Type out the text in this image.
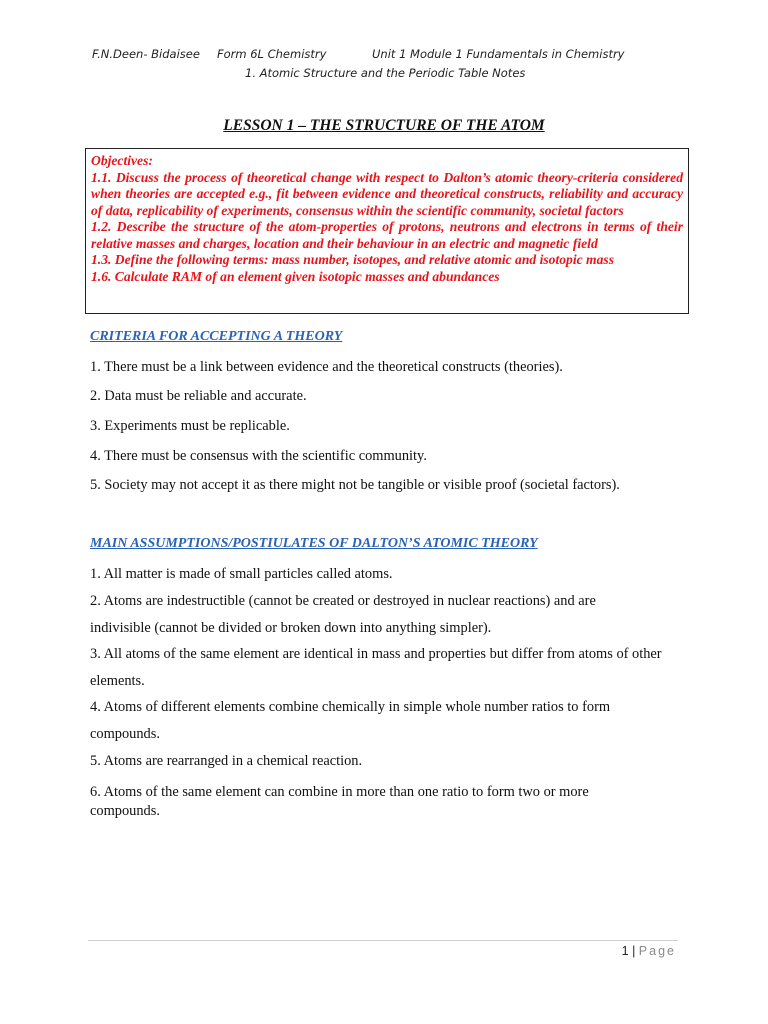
F.N.Deen- Bidaisee Form 6L Chemistry	Unit 1 Module 1 Fundamentals in Chemistry
1. Atomic Structure and the Periodic Table Notes
LESSON 1 – THE STRUCTURE OF THE ATOM

Objectives:

1.1. Discuss the process of theoretical change with respect to Dalton’s atomic theory-criteria considered when theories are accepted e.g., fit between evidence and theoretical constructs, reliability and accuracy of data, replicability of experiments, consensus within the scientific community, societal factors

1.2. Describe the structure of the atom-properties of protons, neutrons and electrons in terms of their relative masses and charges, location and their behaviour in an electric and magnetic field

1.3. Define the following terms: mass number, isotopes, and relative atomic and isotopic mass

1.6. Calculate RAM of an element given isotopic masses and abundances

CRITERIA FOR ACCEPTING A THEORY
1. There must be a link between evidence and the theoretical constructs (theories).
2. Data must be reliable and accurate.
3. Experiments must be replicable.
4. There must be consensus with the scientific community.
5. Society may not accept it as there might not be tangible or visible proof (societal factors).
MAIN ASSUMPTIONS/POSTIULATES OF DALTON’S ATOMIC THEORY
1. All matter is made of small particles called atoms.
2. Atoms are indestructible (cannot be created or destroyed in nuclear reactions) and are indivisible (cannot be divided or broken down into anything simpler).
3. All atoms of the same element are identical in mass and properties but differ from atoms of other elements.
4. Atoms of different elements combine chemically in simple whole number ratios to form compounds.
5. Atoms are rearranged in a chemical reaction.
6. Atoms of the same element can combine in more than one ratio to form two or more compounds.
1 | Page
